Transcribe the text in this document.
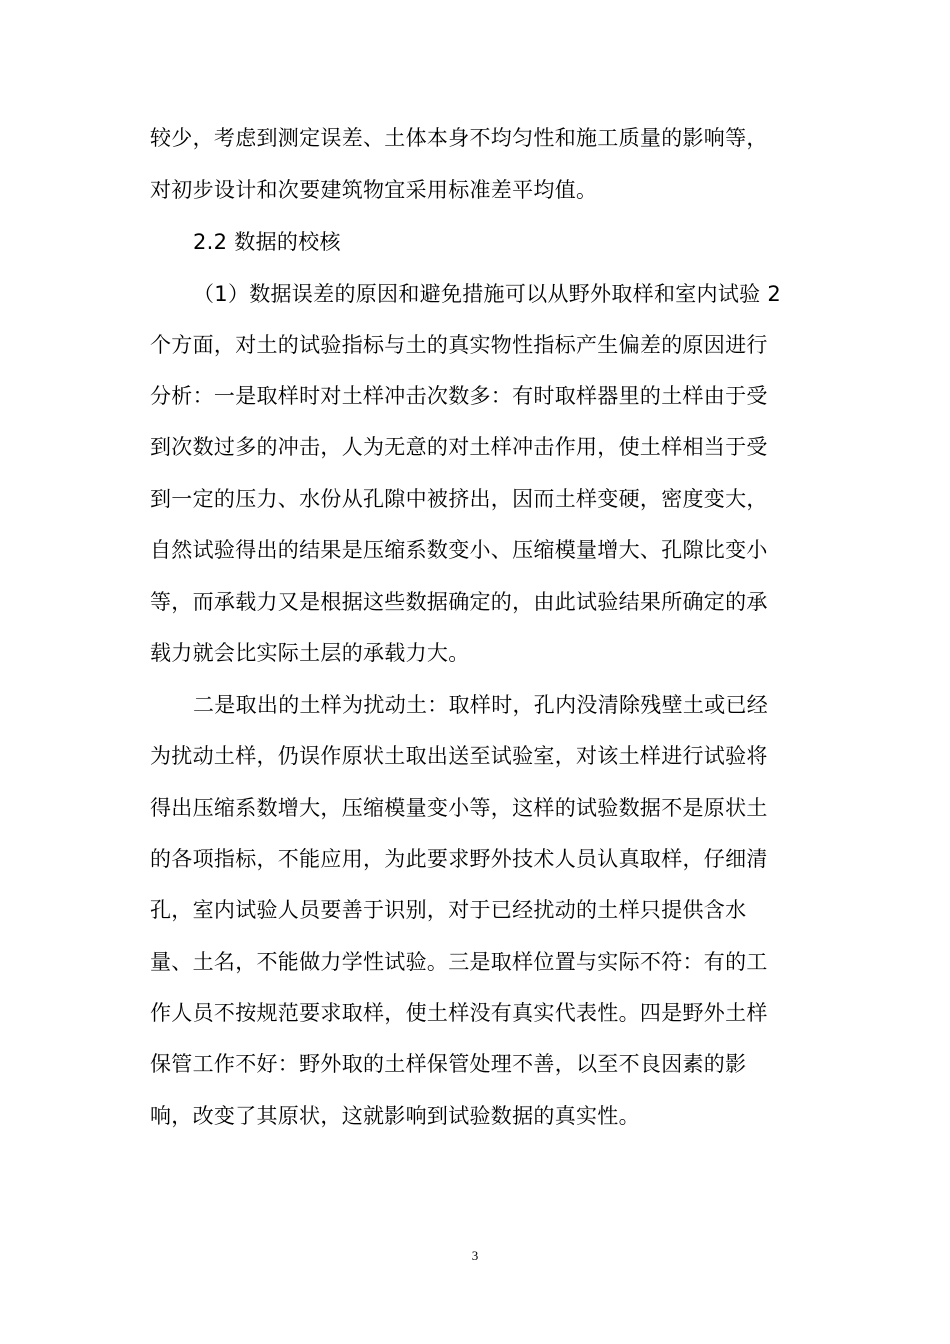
较少，考虑到测定误差、土体本身不均匀性和施工质量的影响等，
对初步设计和次要建筑物宜采用标准差平均值。
2.2 数据的校核
（1）数据误差的原因和避免措施可以从野外取样和室内试验 2
个方面，对土的试验指标与土的真实物性指标产生偏差的原因进行
分析：一是取样时对土样冲击次数多：有时取样器里的土样由于受
到次数过多的冲击，人为无意的对土样冲击作用，使土样相当于受
到一定的压力、水份从孔隙中被挤出，因而土样变硬，密度变大，
自然试验得出的结果是压缩系数变小、压缩模量增大、孔隙比变小
等，而承载力又是根据这些数据确定的，由此试验结果所确定的承
载力就会比实际土层的承载力大。
二是取出的土样为扰动土：取样时，孔内没清除残壁土或已经
为扰动土样，仍误作原状土取出送至试验室，对该土样进行试验将
得出压缩系数增大，压缩模量变小等，这样的试验数据不是原状土
的各项指标，不能应用，为此要求野外技术人员认真取样，仔细清
孔，室内试验人员要善于识别，对于已经扰动的土样只提供含水
量、土名，不能做力学性试验。三是取样位置与实际不符：有的工
作人员不按规范要求取样，使土样没有真实代表性。四是野外土样
保管工作不好：野外取的土样保管处理不善，以至不良因素的影
响，改变了其原状，这就影响到试验数据的真实性。
3
